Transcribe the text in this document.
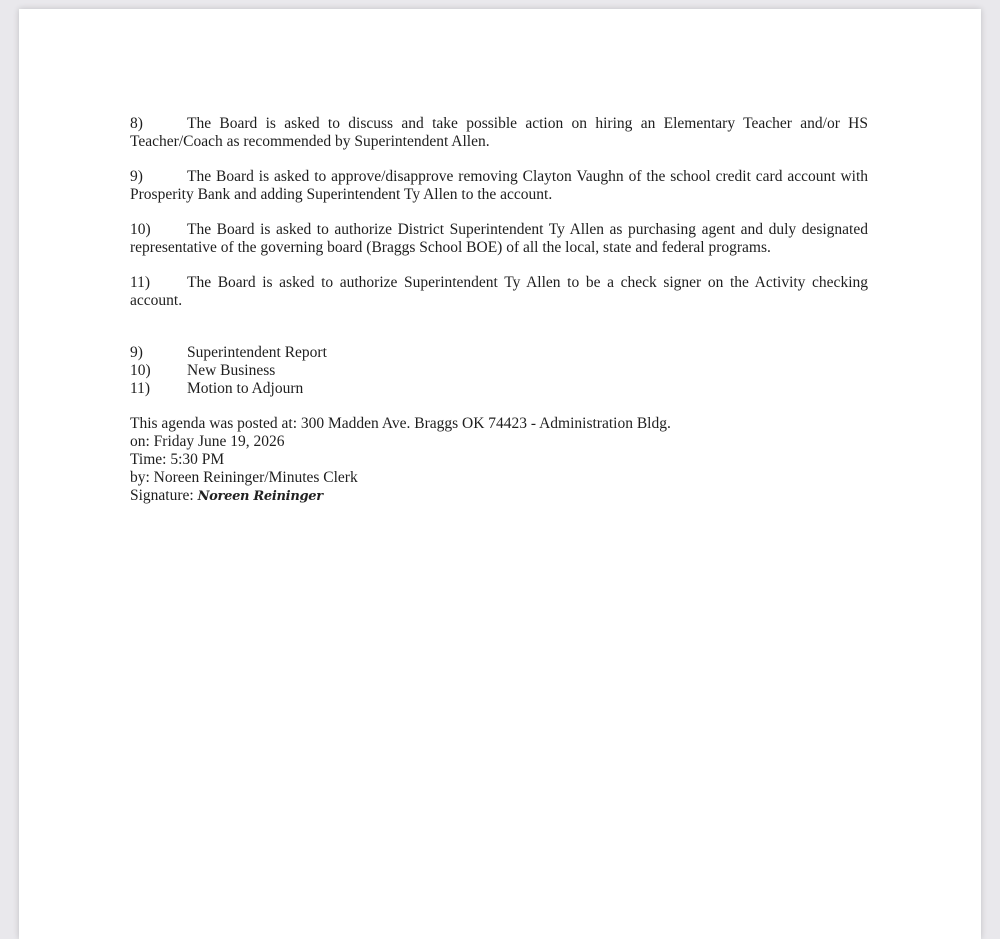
8)	The Board is asked to discuss and take possible action on hiring an Elementary Teacher and/or HS Teacher/Coach as recommended by Superintendent Allen.
9)	The Board is asked to approve/disapprove removing Clayton Vaughn of the school credit card account with Prosperity Bank and adding Superintendent Ty Allen to the account.
10) The Board is asked to authorize District Superintendent Ty Allen as purchasing agent and duly designated representative of the governing board (Braggs School BOE) of all the local, state and federal programs.
11) The Board is asked to authorize Superintendent Ty Allen to be a check signer on the Activity checking account.
9)	Superintendent Report
10)	New Business
11)	Motion to Adjourn
This agenda was posted at: 300 Madden Ave. Braggs OK 74423 - Administration Bldg.
on: Friday June 19, 2026
Time: 5:30 PM
by: Noreen Reininger/Minutes Clerk
Signature: Noreen Reininger
